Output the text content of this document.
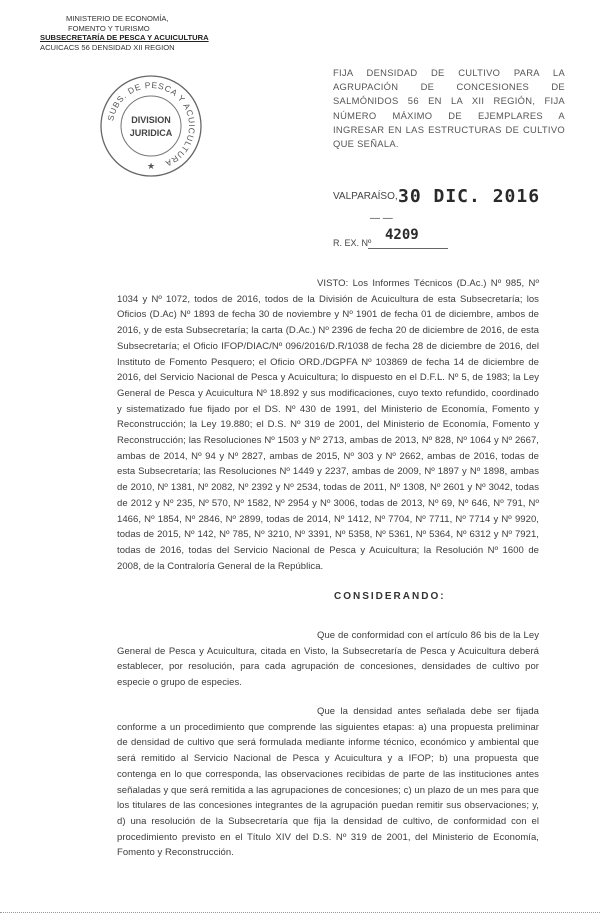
MINISTERIO DE ECONOMÍA,
FOMENTO Y TURISMO
SUBSECRETARÍA DE PESCA Y ACUICULTURA
ACUICACS 56 DENSIDAD XII REGION
SUBS. DE PESCA Y ACUICULTURA
DIVISION
JURIDICA
★
FIJA DENSIDAD DE CULTIVO PARA LA AGRUPACIÓN DE CONCESIONES DE SALMÓNIDOS 56 EN LA XII REGIÓN, FIJA NÚMERO MÁXIMO DE EJEMPLARES A INGRESAR EN LAS ESTRUCTURAS DE CULTIVO QUE SEÑALA.
VALPARAÍSO, 30 DIC. 2016
— —
4209
R. EX. Nº
VISTO: Los Informes Técnicos (D.Ac.) Nº 985, Nº 1034 y Nº 1072, todos de 2016, todos de la División de Acuicultura de esta Subsecretaría; los Oficios (D.Ac) Nº 1893 de fecha 30 de noviembre y Nº 1901 de fecha 01 de diciembre, ambos de 2016, y de esta Subsecretaría; la carta (D.Ac.) Nº 2396 de fecha 20 de diciembre de 2016, de esta Subsecretaría; el Oficio IFOP/DIAC/Nº 096/2016/D.R/1038 de fecha 28 de diciembre de 2016, del Instituto de Fomento Pesquero; el Oficio ORD./DGPFA Nº 103869 de fecha 14 de diciembre de 2016, del Servicio Nacional de Pesca y Acuicultura; lo dispuesto en el D.F.L. Nº 5, de 1983; la Ley General de Pesca y Acuicultura Nº 18.892 y sus modificaciones, cuyo texto refundido, coordinado y sistematizado fue fijado por el DS. Nº 430 de 1991, del Ministerio de Economía, Fomento y Reconstrucción; la Ley 19.880; el D.S. Nº 319 de 2001, del Ministerio de Economía, Fomento y Reconstrucción; las Resoluciones Nº 1503 y Nº 2713, ambas de 2013, Nº 828, Nº 1064 y Nº 2667, ambas de 2014, Nº 94 y Nº 2827, ambas de 2015, Nº 303 y Nº 2662, ambas de 2016, todas de esta Subsecretaría; las Resoluciones Nº 1449 y 2237, ambas de 2009, Nº 1897 y Nº 1898, ambas de 2010, Nº 1381, Nº 2082, Nº 2392 y Nº 2534, todas de 2011, Nº 1308, Nº 2601 y Nº 3042, todas de 2012 y Nº 235, Nº 570, Nº 1582, Nº 2954 y Nº 3006, todas de 2013, Nº 69, Nº 646, Nº 791, Nº 1466, Nº 1854, Nº 2846, Nº 2899, todas de 2014, Nº 1412, Nº 7704, Nº 7711, Nº 7714 y Nº 9920, todas de 2015, Nº 142, Nº 785, Nº 3210, Nº 3391, Nº 5358, Nº 5361, Nº 5364, Nº 6312 y Nº 7921, todas de 2016, todas del Servicio Nacional de Pesca y Acuicultura; la Resolución Nº 1600 de 2008, de la Contraloría General de la República.
CONSIDERANDO:
Que de conformidad con el artículo 86 bis de la Ley General de Pesca y Acuicultura, citada en Visto, la Subsecretaría de Pesca y Acuicultura deberá establecer, por resolución, para cada agrupación de concesiones, densidades de cultivo por especie o grupo de especies.
Que la densidad antes señalada debe ser fijada conforme a un procedimiento que comprende las siguientes etapas: a) una propuesta preliminar de densidad de cultivo que será formulada mediante informe técnico, económico y ambiental que será remitido al Servicio Nacional de Pesca y Acuicultura y a IFOP; b) una propuesta que contenga en lo que corresponda, las observaciones recibidas de parte de las instituciones antes señaladas y que será remitida a las agrupaciones de concesiones; c) un plazo de un mes para que los titulares de las concesiones integrantes de la agrupación puedan remitir sus observaciones; y, d) una resolución de la Subsecretaría que fija la densidad de cultivo, de conformidad con el procedimiento previsto en el Título XIV del D.S. Nº 319 de 2001, del Ministerio de Economía, Fomento y Reconstrucción.
